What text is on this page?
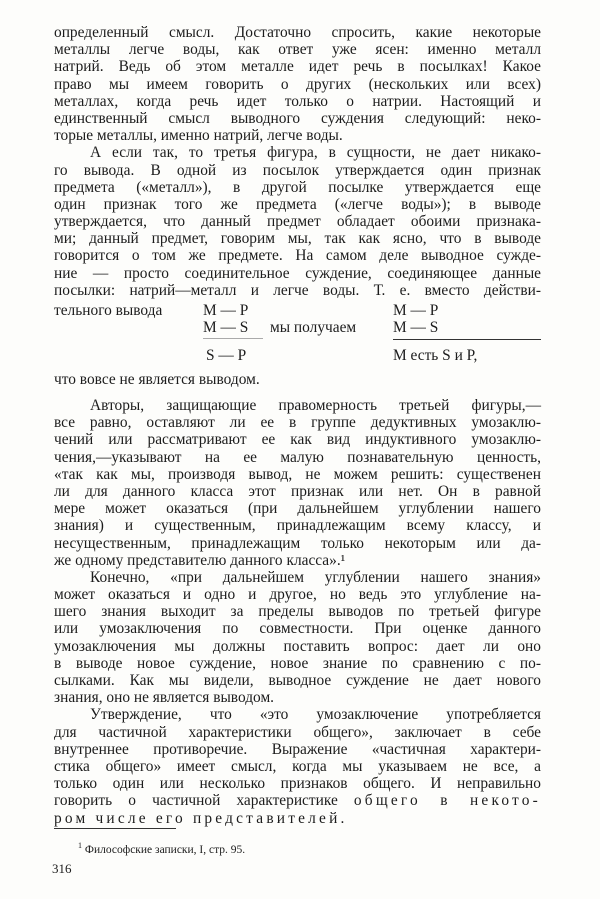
определенный смысл. Достаточно спросить, какие некоторые
металлы легче воды, как ответ уже ясен: именно металл
натрий. Ведь об этом металле идет речь в посылках! Какое
право мы имеем говорить о других (нескольких или всех)
металлах, когда речь идет только о натрии. Настоящий и
единственный смысл выводного суждения следующий: неко-
торые металлы, именно натрий, легче воды.
А если так, то третья фигура, в сущности, не дает никако-
го вывода. В одной из посылок утверждается один признак
предмета («металл»), в другой посылке утверждается еще
один признак того же предмета («легче воды»); в выводе
утверждается, что данный предмет обладает обоими признака-
ми; данный предмет, говорим мы, так как ясно, что в выводе
говорится о том же предмете. На самом деле выводное сужде-
ние — просто соединительное суждение, соединяющее данные
посылки: натрий—металл и легче воды. Т. е. вместо действи-
тельного вывода	M — P
M — S
S — P
мы получаем
M — P
M — S
M есть S и P,
что вовсе не является выводом.
Авторы, защищающие правомерность третьей фигуры,—
все равно, оставляют ли ее в группе дедуктивных умозаклю-
чений или рассматривают ее как вид индуктивного умозаклю-
чения,—указывают на ее малую познавательную ценность,
«так как мы, производя вывод, не можем решить: существенен
ли для данного класса этот признак или нет. Он в равной
мере может оказаться (при дальнейшем углублении нашего
знания) и существенным, принадлежащим всему классу, и
несущественным, принадлежащим только некоторым или да-
же одному представителю данного класса».¹
Конечно, «при дальнейшем углублении нашего знания»
может оказаться и одно и другое, но ведь это углубление на-
шего знания выходит за пределы выводов по третьей фигуре
или умозаключения по совместности. При оценке данного
умозаключения мы должны поставить вопрос: дает ли оно
в выводе новое суждение, новое знание по сравнению с по-
сылками. Как мы видели, выводное суждение не дает нового
знания, оно не является выводом.
Утверждение, что «это умозаключение употребляется
для частичной характеристики общего», заключает в себе
внутреннее противоречие. Выражение «частичная характери-
стика общего» имеет смысл, когда мы указываем не все, а
только один или несколько признаков общего. И неправильно
говорить о частичной характеристике общего в некото-
ром числе его представителей.
$^1$ Философские записки, I, стр. 95.
316
